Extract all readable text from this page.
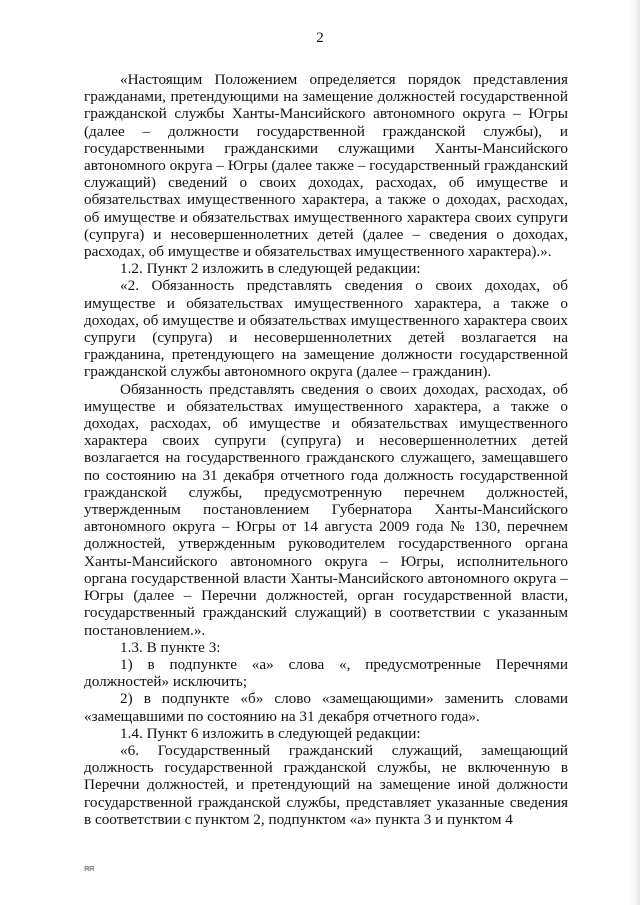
2

«Настоящим Положением определяется порядок представления гражданами, претендующими на замещение должностей государственной гражданской службы Ханты-Мансийского автономного округа – Югры (далее – должности государственной гражданской службы), и государственными гражданскими служащими Ханты-Мансийского автономного округа – Югры (далее также – государственный гражданский служащий) сведений о своих доходах, расходах, об имуществе и обязательствах имущественного характера, а также о доходах, расходах, об имуществе и обязательствах имущественного характера своих супруги (супруга) и несовершеннолетних детей (далее – сведения о доходах, расходах, об имуществе и обязательствах имущественного характера).».

1.2. Пункт 2 изложить в следующей редакции:

«2. Обязанность представлять сведения о своих доходах, об имуществе и обязательствах имущественного характера, а также о доходах, об имуществе и обязательствах имущественного характера своих супруги (супруга) и несовершеннолетних детей возлагается на гражданина, претендующего на замещение должности государственной гражданской службы автономного округа (далее – гражданин).

Обязанность представлять сведения о своих доходах, расходах, об имуществе и обязательствах имущественного характера, а также о доходах, расходах, об имуществе и обязательствах имущественного характера своих супруги (супруга) и несовершеннолетних детей возлагается на государственного гражданского служащего, замещавшего по состоянию на 31 декабря отчетного года должность государственной гражданской службы, предусмотренную перечнем должностей, утвержденным постановлением Губернатора Ханты-Мансийского автономного округа – Югры от 14 августа 2009 года № 130, перечнем должностей, утвержденным руководителем государственного органа Ханты-Мансийского автономного округа – Югры, исполнительного органа государственной власти Ханты-Мансийского автономного округа – Югры (далее – Перечни должностей, орган государственной власти, государственный гражданский служащий) в соответствии с указанным постановлением.».

1.3. В пункте 3:

1) в подпункте «а» слова «, предусмотренные Перечнями должностей» исключить;

2) в подпункте «б» слово «замещающими» заменить словами «замещавшими по состоянию на 31 декабря отчетного года».

1.4. Пункт 6 изложить в следующей редакции:

«6. Государственный гражданский служащий, замещающий должность государственной гражданской службы, не включенную в Перечни должностей, и претендующий на замещение иной должности государственной гражданской службы, представляет указанные сведения в соответствии с пунктом 2, подпунктом «а» пункта 3 и пунктом 4

ЯЯ
